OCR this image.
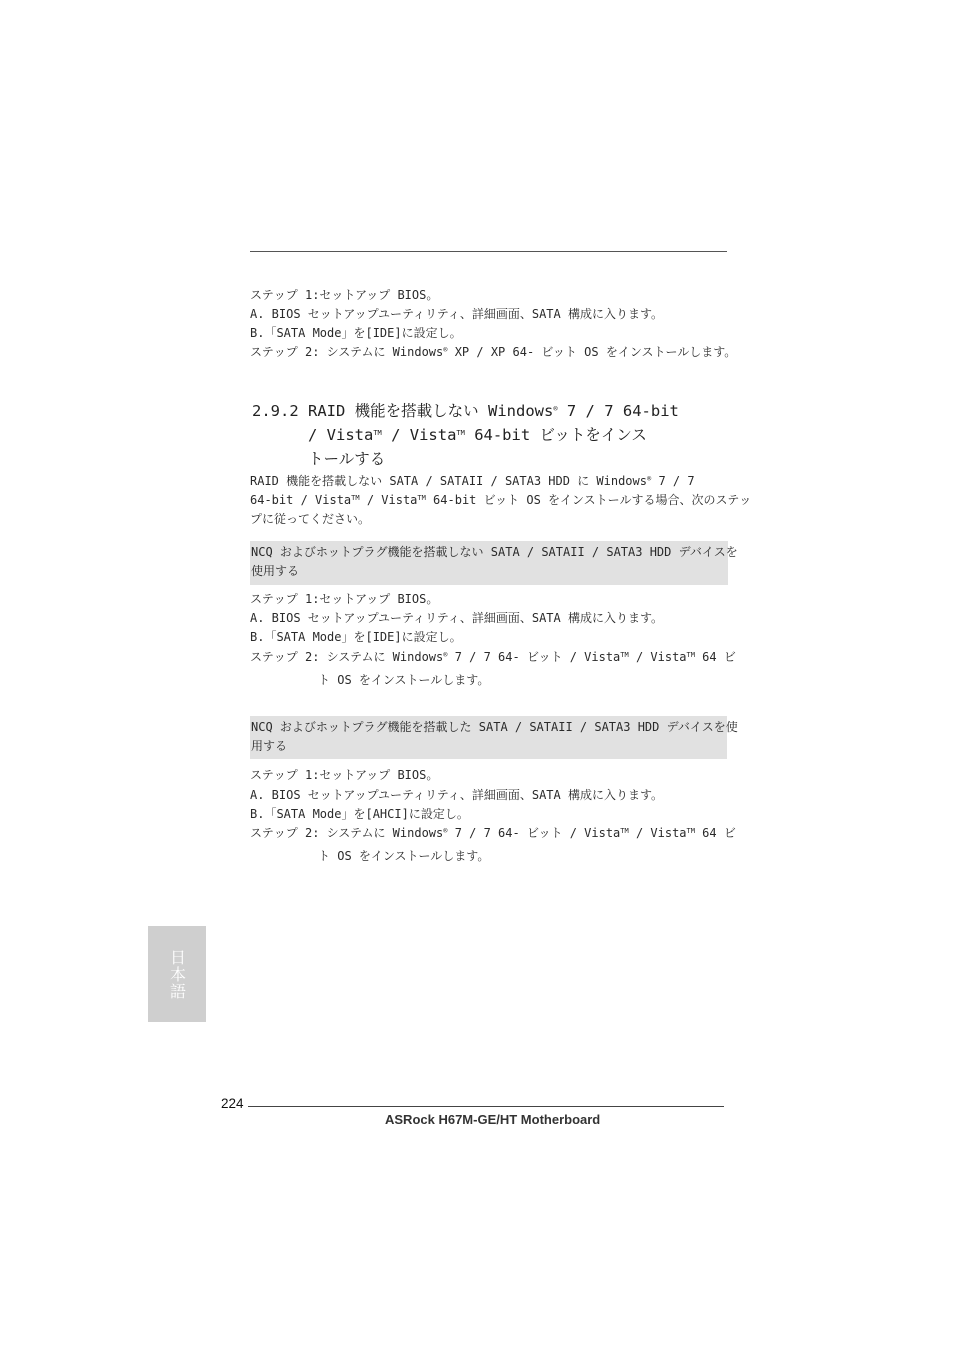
ステップ 1:セットアップ BIOS。
A. BIOS セットアップユーティリティ、詳細画面、SATA 構成に入ります。
B.「SATA Mode」を[IDE]に設定し。
ステップ 2: システムに Windows® XP / XP 64- ビット OS をインストールします。
2.9.2 RAID 機能を搭載しない Windows® 7 / 7 64-bit
/ Vista™ / Vista™ 64-bit ビットをインス
トールする
RAID 機能を搭載しない SATA / SATAII / SATA3 HDD に Windows® 7 / 7
64-bit / Vista™ / Vista™ 64-bit ビット OS をインストールする場合、次のステッ
プに従ってください。
NCQ およびホットプラグ機能を搭載しない SATA / SATAII / SATA3 HDD デバイスを
使用する
ステップ 1:セットアップ BIOS。
A. BIOS セットアップユーティリティ、詳細画面、SATA 構成に入ります。
B.「SATA Mode」を[IDE]に設定し。
ステップ 2: システムに Windows® 7 / 7 64- ビット / Vista™ / Vista™ 64 ビ
ト OS をインストールします。
NCQ およびホットプラグ機能を搭載した SATA / SATAII / SATA3 HDD デバイスを使
用する
ステップ 1:セットアップ BIOS。
A. BIOS セットアップユーティリティ、詳細画面、SATA 構成に入ります。
B.「SATA Mode」を[AHCI]に設定し。
ステップ 2: システムに Windows® 7 / 7 64- ビット / Vista™ / Vista™ 64 ビ
ト OS をインストールします。
日本語
224
ASRock H67M-GE/HT Motherboard
